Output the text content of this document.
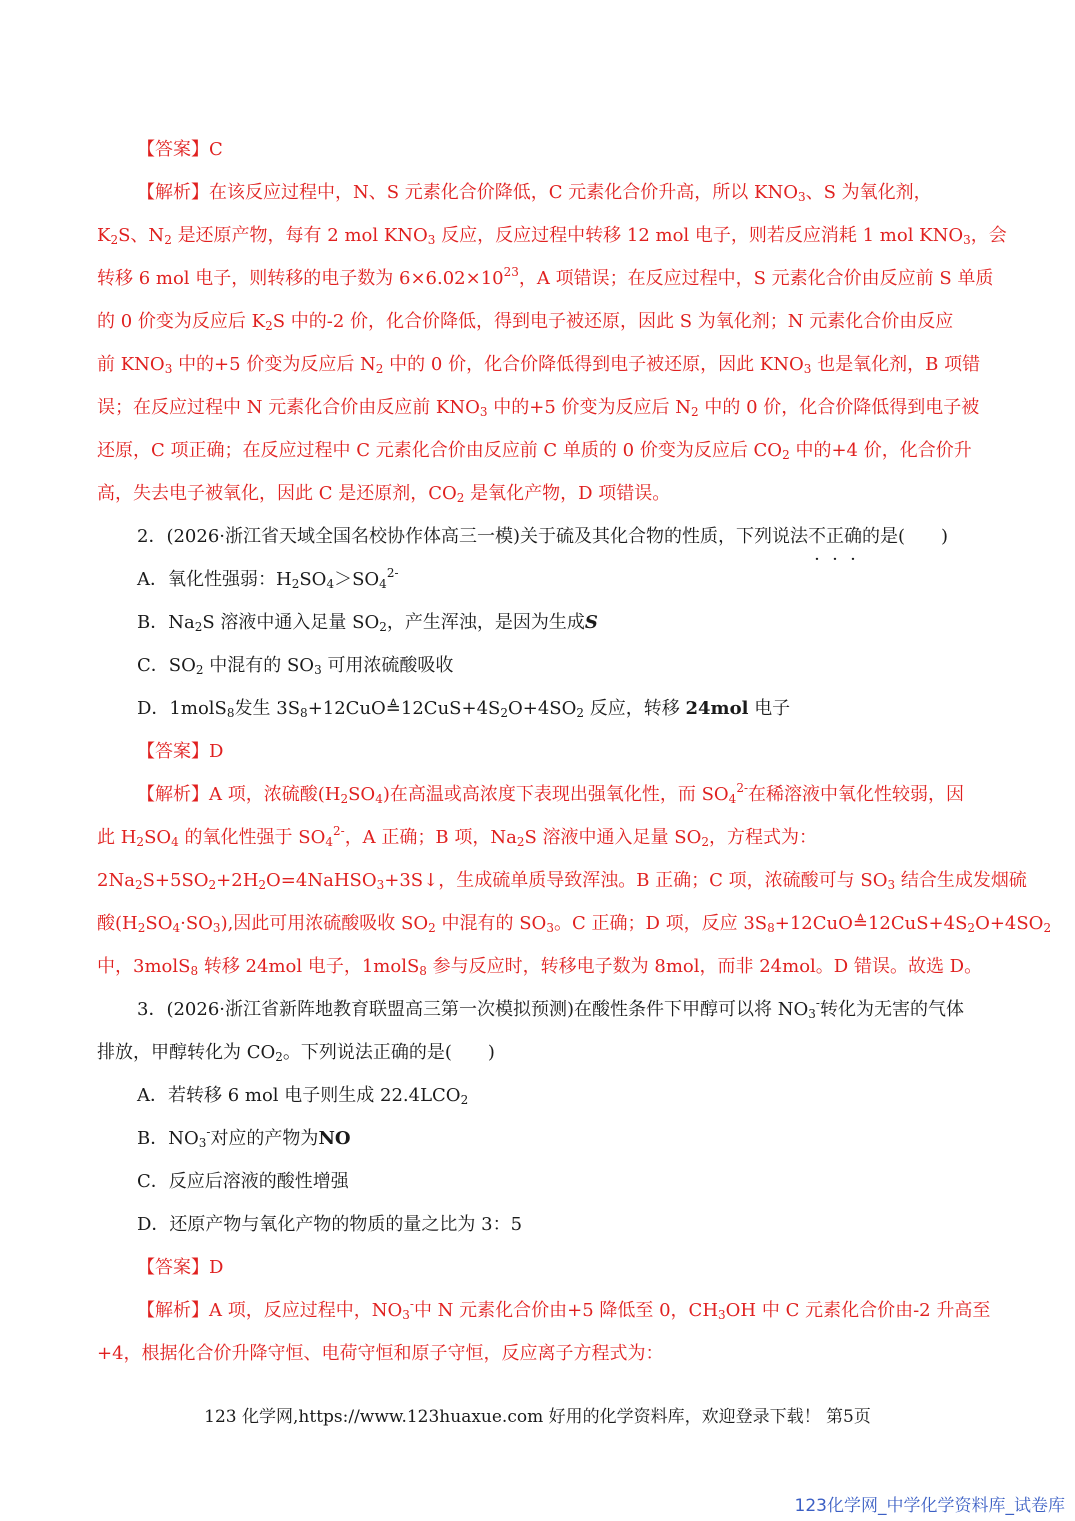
【答案】C
【解析】在该反应过程中，N、S 元素化合价降低，C 元素化合价升高，所以 $KNO_3$、S 为氧化剂，
$K_2S$、$N_2$ 是还原产物，每有 2 mol $KNO_3$ 反应，反应过程中转移 12 mol 电子，则若反应消耗 1 mol $KNO_3$，会
转移 6 mol 电子，则转移的电子数为 $6\times 6.02\times 10^{23}$，A 项错误；在反应过程中，S 元素化合价由反应前 S 单质
的 0 价变为反应后 $K_2S$ 中的-2 价，化合价降低，得到电子被还原，因此 S 为氧化剂；N 元素化合价由反应
前 $KNO_3$ 中的+5 价变为反应后 $N_2$ 中的 0 价，化合价降低得到电子被还原，因此 $KNO_3$ 也是氧化剂，B 项错
误；在反应过程中 N 元素化合价由反应前 $KNO_3$ 中的+5 价变为反应后 $N_2$ 中的 0 价，化合价降低得到电子被
还原，C 项正确；在反应过程中 C 元素化合价由反应前 C 单质的 0 价变为反应后 $CO_2$ 中的+4 价，化合价升
高，失去电子被氧化，因此 C 是还原剂，$CO_2$ 是氧化产物，D 项错误。
2．(2026·浙江省天域全国名校协作体高三一模)关于硫及其化合物的性质，下列说法不正确的是(　　)
A．氧化性强弱：$H_2SO_4>SO_4^{2-}$
B．$Na_2S$ 溶液中通入足量 $SO_2$，产生浑浊，是因为生成S
C．$SO_2$ 中混有的 $SO_3$ 可用浓硫酸吸收
D．1molS$_8$发生 $3S_8+12CuO≜12CuS+4S_2O+4SO_2$ 反应，转移 24mol 电子
【答案】D
【解析】A 项，浓硫酸$(H_2SO_4)$在高温或高浓度下表现出强氧化性，而 $SO_4^{2-}$在稀溶液中氧化性较弱，因
此 $H_2SO_4$ 的氧化性强于 $SO_4^{2-}$，A 正确；B 项，$Na_2S$ 溶液中通入足量 $SO_2$，方程式为：
$2Na_2S+5SO_2+2H_2O=4NaHSO_3+3S↓$，生成硫单质导致浑浊。B 正确；C 项，浓硫酸可与 $SO_3$ 结合生成发烟硫
酸$(H_2SO_4\cdot SO_3)$,因此可用浓硫酸吸收 $SO_2$ 中混有的 $SO_3$。C 正确；D 项，反应 $3S_8+12CuO≜12CuS+4S_2O+4SO_2$
中，3molS$_8$ 转移 24mol 电子，1molS$_8$ 参与反应时，转移电子数为 8mol，而非 24mol。D 错误。故选 D。
3．(2026·浙江省新阵地教育联盟高三第一次模拟预测)在酸性条件下甲醇可以将 $NO_3^-$转化为无害的气体
排放，甲醇转化为 $CO_2$。下列说法正确的是(　　)
A．若转移 6 mol 电子则生成 $22.4LCO_2$
B．$NO_3^-$对应的产物为NO
C．反应后溶液的酸性增强
D．还原产物与氧化产物的物质的量之比为 3：5
【答案】D
【解析】A 项，反应过程中，$NO_3^-$中 N 元素化合价由+5 降低至 0，$CH_3OH$ 中 C 元素化合价由-2 升高至
+4，根据化合价升降守恒、电荷守恒和原子守恒，反应离子方程式为：
123 化学网,https://www.123huaxue.com 好用的化学资料库，欢迎登录下载！ 第5页
123化学网_中学化学资料库_试卷库
